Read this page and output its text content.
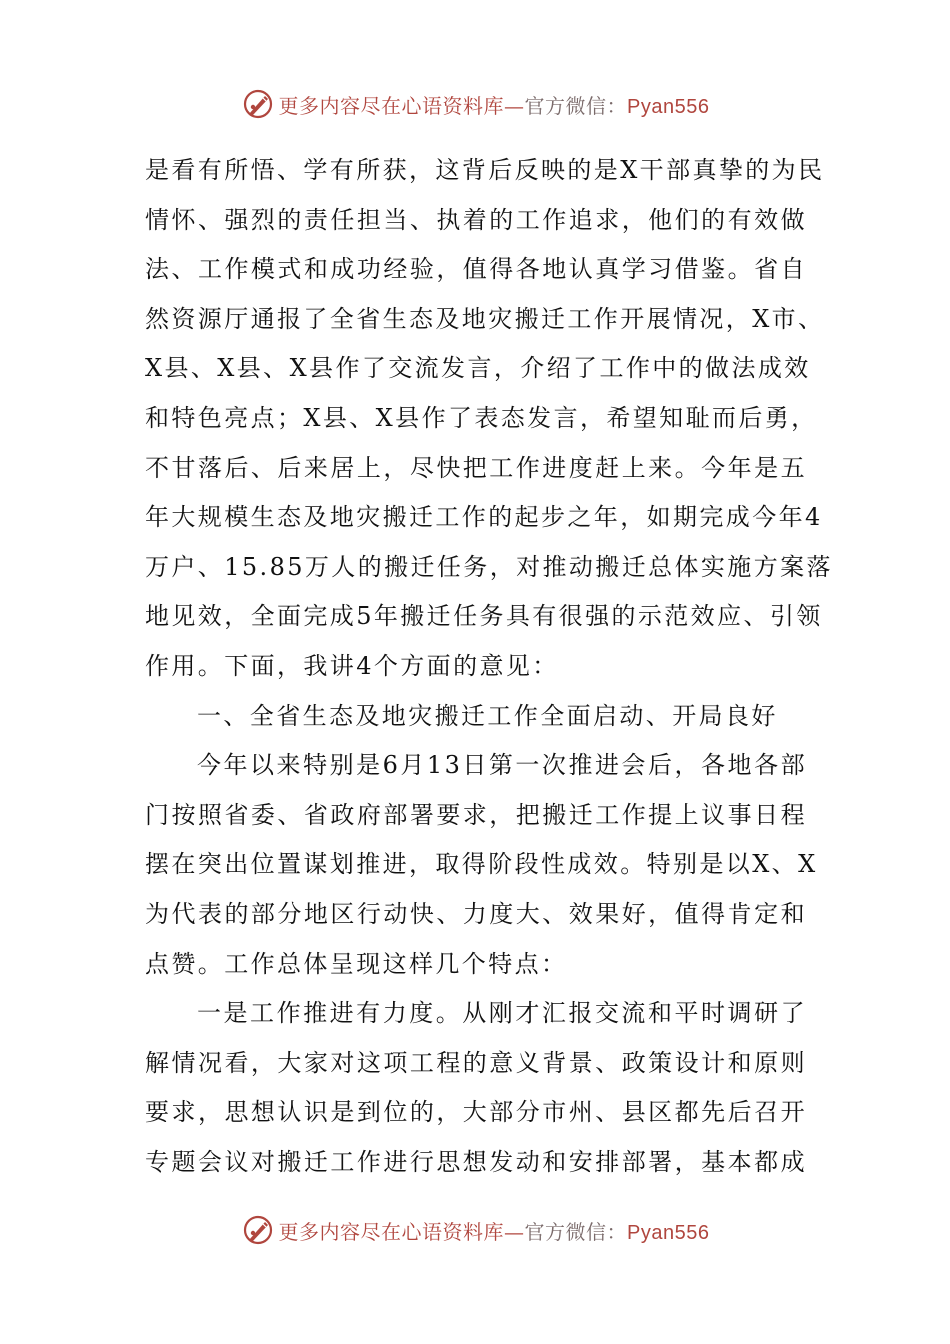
更多内容尽在心语资料库—官方微信：Pyan556
是看有所悟、学有所获，这背后反映的是X干部真挚的为民
情怀、强烈的责任担当、执着的工作追求，他们的有效做
法、工作模式和成功经验，值得各地认真学习借鉴。省自
然资源厅通报了全省生态及地灾搬迁工作开展情况，X市、
X县、X县、X县作了交流发言，介绍了工作中的做法成效
和特色亮点；X县、X县作了表态发言，希望知耻而后勇，
不甘落后、后来居上，尽快把工作进度赶上来。今年是五
年大规模生态及地灾搬迁工作的起步之年，如期完成今年4
万户、15.85万人的搬迁任务，对推动搬迁总体实施方案落
地见效，全面完成5年搬迁任务具有很强的示范效应、引领
作用。下面，我讲4个方面的意见：
一、全省生态及地灾搬迁工作全面启动、开局良好
今年以来特别是6月13日第一次推进会后，各地各部
门按照省委、省政府部署要求，把搬迁工作提上议事日程
摆在突出位置谋划推进，取得阶段性成效。特别是以X、X
为代表的部分地区行动快、力度大、效果好，值得肯定和
点赞。工作总体呈现这样几个特点：
一是工作推进有力度。从刚才汇报交流和平时调研了
解情况看，大家对这项工程的意义背景、政策设计和原则
要求，思想认识是到位的，大部分市州、县区都先后召开
专题会议对搬迁工作进行思想发动和安排部署，基本都成
更多内容尽在心语资料库—官方微信：Pyan556
